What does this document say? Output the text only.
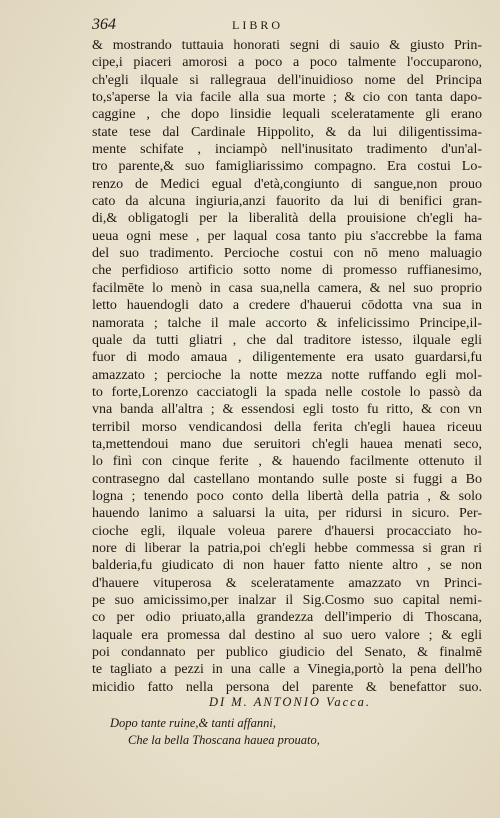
364	LIBRO
& mostrando tuttauia honorati segni di sauio & giusto Prin-
cipe,i piaceri amorosi a poco a poco talmente l'occuparono,
ch'egli ilquale si rallegraua dell'inuidioso nome del Principa
to,s'aperse la via facile alla sua morte ; & cio con tanta dapo-
caggine , che dopo linsidie lequali sceleratamente gli erano
state tese dal Cardinale Hippolito, & da lui diligentissima-
mente schifate , inciampò nell'inusitato tradimento d'un'al-
tro parente,& suo famigliarissimo compagno. Era costui Lo-
renzo de Medici egual d'età,congiunto di sangue,non prouo
cato da alcuna ingiuria,anzi fauorito da lui di benifici gran-
di,& obligatogli per la liberalità della prouisione ch'egli ha-
ueua ogni mese , per laqual cosa tanto piu s'accrebbe la fama
del suo tradimento. Percioche costui con nō meno maluagio
che perfidioso artificio sotto nome di promesso ruffianesimo,
facilmēte lo menò in casa sua,nella camera, & nel suo proprio
letto hauendogli dato a credere d'hauerui cōdotta vna sua in
namorata ; talche il male accorto & infelicissimo Principe,il-
quale da tutti gliatri , che dal traditore istesso, ilquale egli
fuor di modo amaua , diligentemente era usato guardarsi,fu
amazzato ; percioche la notte mezza notte ruffando egli mol-
to forte,Lorenzo cacciatogli la spada nelle costole lo passò da
vna banda all'altra ; & essendosi egli tosto fu ritto, & con vn
terribil morso vendicandosi della ferita ch'egli hauea riceuu
ta,mettendoui mano due seruitori ch'egli hauea menati seco,
lo finì con cinque ferite , & hauendo facilmente ottenuto il
contrasegno dal castellano montando sulle poste si fuggi a Bo
logna ; tenendo poco conto della libertà della patria , & solo
hauendo lanimo a saluarsi la uita, per ridursi in sicuro. Per-
cioche egli, ilquale voleua parere d'hauersi procacciato ho-
nore di liberar la patria,poi ch'egli hebbe commessa si gran ri
balderia,fu giudicato di non hauer fatto niente altro , se non
d'hauere vituperosa & sceleratamente amazzato vn Princi-
pe suo amicissimo,per inalzar il Sig.Cosmo suo capital nemi-
co per odio priuato,alla grandezza dell'imperio di Thoscana,
laquale era promessa dal destino al suo uero valore ; & egli
poi condannato per publico giudicio del Senato, & finalmē
te tagliato a pezzi in una calle a Vinegia,portò la pena dell'ho
micidio fatto nella persona del parente & benefattor suo.
DI M. ANTONIO Vacca.
Dopo tante ruine,& tanti affanni,
Che la bella Thoscana hauea prouato,
